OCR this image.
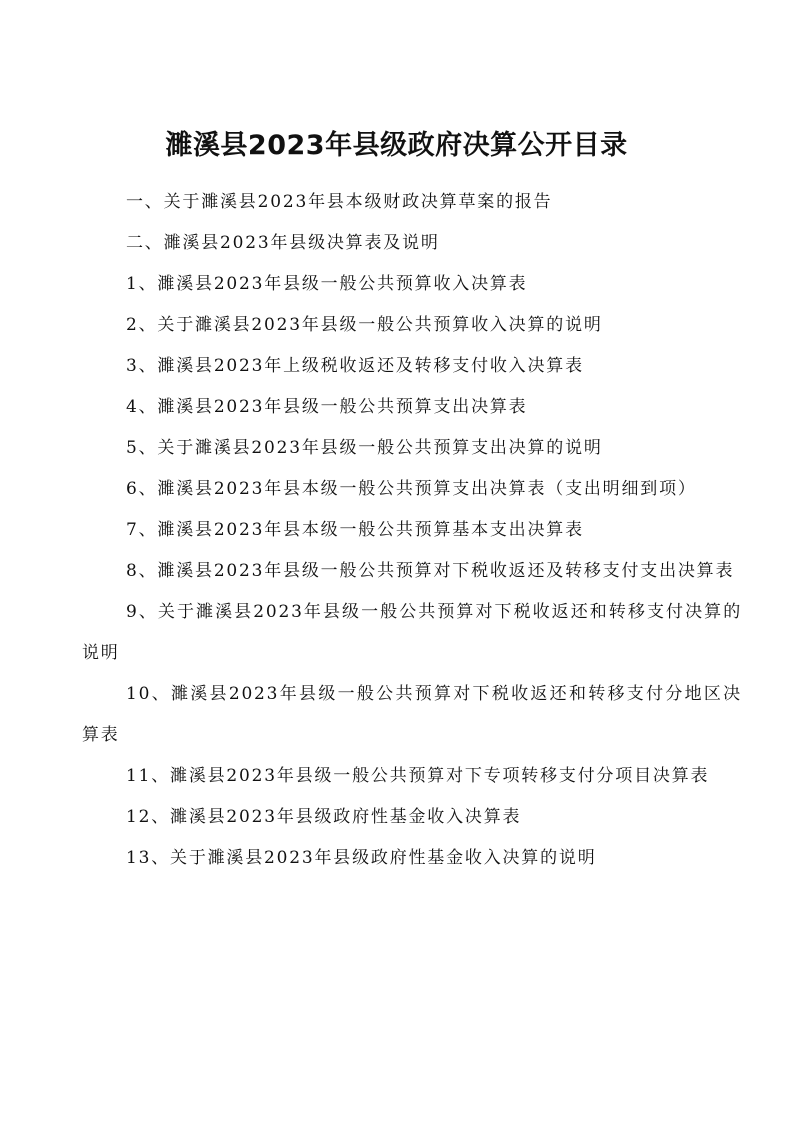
濉溪县2023年县级政府决算公开目录

一、关于濉溪县2023年县本级财政决算草案的报告

二、濉溪县2023年县级决算表及说明

1、濉溪县2023年县级一般公共预算收入决算表

2、关于濉溪县2023年县级一般公共预算收入决算的说明

3、濉溪县2023年上级税收返还及转移支付收入决算表

4、濉溪县2023年县级一般公共预算支出决算表

5、关于濉溪县2023年县级一般公共预算支出决算的说明

6、濉溪县2023年县本级一般公共预算支出决算表（支出明细到项）

7、濉溪县2023年县本级一般公共预算基本支出决算表

8、濉溪县2023年县级一般公共预算对下税收返还及转移支付支出决算表

9、关于濉溪县2023年县级一般公共预算对下税收返还和转移支付决算的说明

10、濉溪县2023年县级一般公共预算对下税收返还和转移支付分地区决算表

11、濉溪县2023年县级一般公共预算对下专项转移支付分项目决算表

12、濉溪县2023年县级政府性基金收入决算表

13、关于濉溪县2023年县级政府性基金收入决算的说明
